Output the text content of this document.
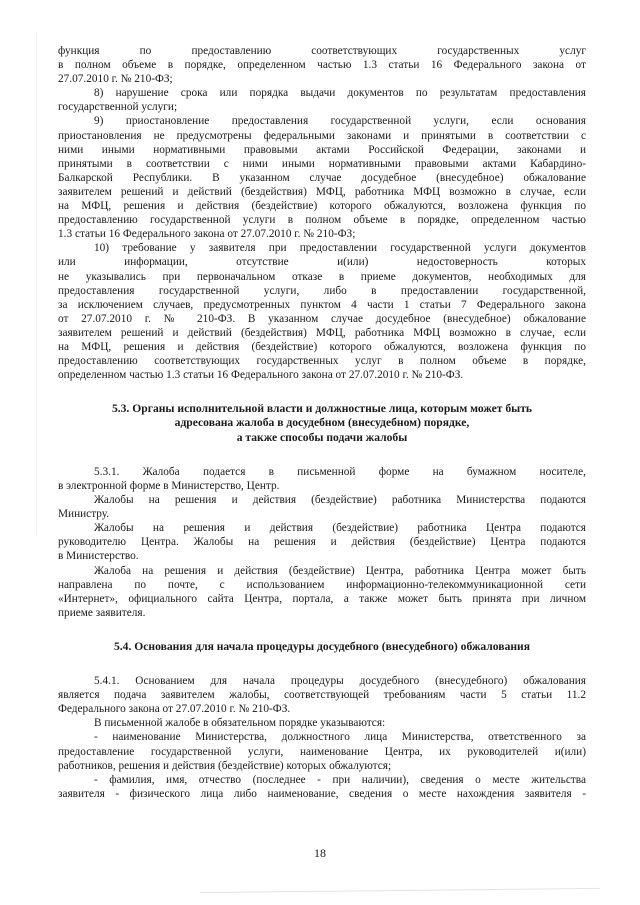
функция по предоставлению соответствующих государственных услуг

в полном объеме в порядке, определенном частью 1.3 статьи 16 Федерального закона от

27.07.2010 г. № 210-ФЗ;

8) нарушение срока или порядка выдачи документов по результатам предоставления

государственной услуги;

9) приостановление предоставления государственной услуги, если основания

приостановления не предусмотрены федеральными законами и принятыми в соответствии с

ними иными нормативными правовыми актами Российской Федерации, законами и

принятыми в соответствии с ними иными нормативными правовыми актами Кабардино-

Балкарской Республики. В указанном случае досудебное (внесудебное) обжалование

заявителем решений и действий (бездействия) МФЦ, работника МФЦ возможно в случае, если

на МФЦ, решения и действия (бездействие) которого обжалуются, возложена функция по

предоставлению государственной услуги в полном объеме в порядке, определенном частью

1.3 статьи 16 Федерального закона от 27.07.2010 г. № 210-ФЗ;

10) требование у заявителя при предоставлении государственной услуги документов

или информации, отсутствие и(или) недостоверность которых

не указывались при первоначальном отказе в приеме документов, необходимых для

предоставления государственной услуги, либо в предоставлении государственной,

за исключением случаев, предусмотренных пунктом 4 части 1 статьи 7 Федерального закона

от 27.07.2010 г. № 210-ФЗ. В указанном случае досудебное (внесудебное) обжалование

заявителем решений и действий (бездействия) МФЦ, работника МФЦ возможно в случае, если

на МФЦ, решения и действия (бездействие) которого обжалуются, возложена функция по

предоставлению соответствующих государственных услуг в полном объеме в порядке,

определенном частью 1.3 статьи 16 Федерального закона от 27.07.2010 г. № 210-ФЗ.

5.3. Органы исполнительной власти и должностные лица, которым может быть

адресована жалоба в досудебном (внесудебном) порядке,

а также способы подачи жалобы

5.3.1. Жалоба подается в письменной форме на бумажном носителе,

в электронной форме в Министерство, Центр.

Жалобы на решения и действия (бездействие) работника Министерства подаются

Министру.

Жалобы на решения и действия (бездействие) работника Центра подаются

руководителю Центра. Жалобы на решения и действия (бездействие) Центра подаются

в Министерство.

Жалоба на решения и действия (бездействие) Центра, работника Центра может быть

направлена по почте, с использованием информационно-телекоммуникационной сети

«Интернет», официального сайта Центра, портала, а также может быть принята при личном

приеме заявителя.

5.4. Основания для начала процедуры досудебного (внесудебного) обжалования

5.4.1. Основанием для начала процедуры досудебного (внесудебного) обжалования

является подача заявителем жалобы, соответствующей требованиям части 5 статьи 11.2

Федерального закона от 27.07.2010 г. № 210-ФЗ.

В письменной жалобе в обязательном порядке указываются:

- наименование Министерства, должностного лица Министерства, ответственного за

предоставление государственной услуги, наименование Центра, их руководителей и(или)

работников, решения и действия (бездействие) которых обжалуются;

- фамилия, имя, отчество (последнее - при наличии), сведения о месте жительства

заявителя - физического лица либо наименование, сведения о месте нахождения заявителя -

18
